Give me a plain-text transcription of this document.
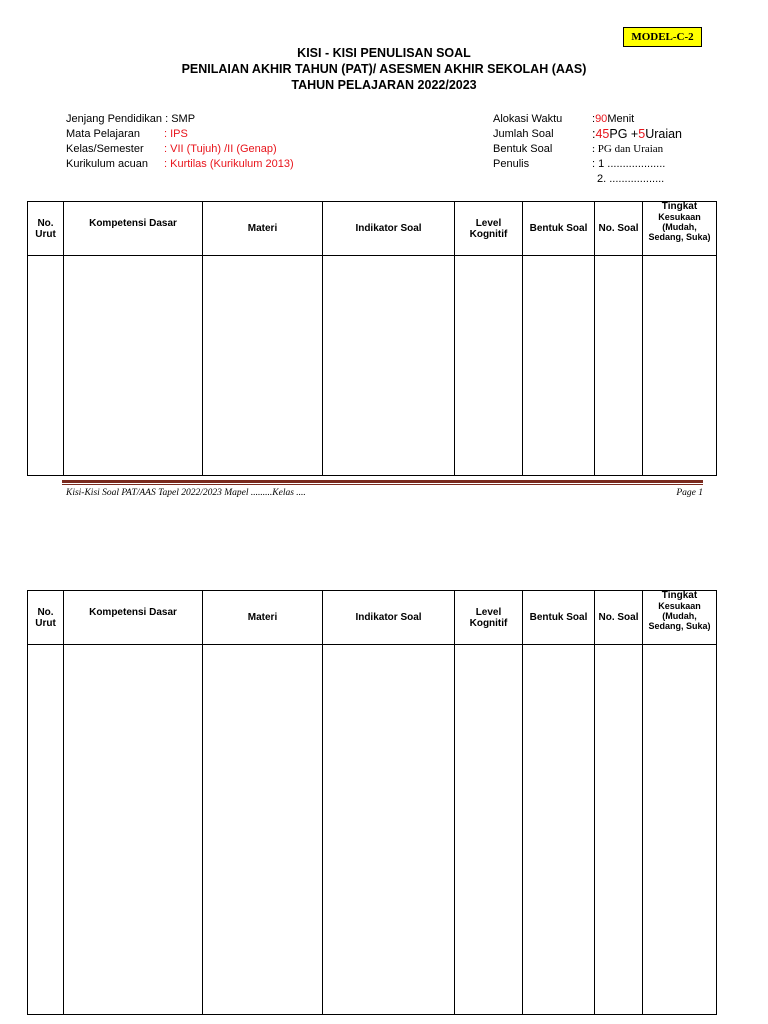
MODEL-C-2
KISI - KISI PENULISAN SOAL
PENILAIAN AKHIR TAHUN (PAT)/ ASESMEN AKHIR SEKOLAH (AAS)
TAHUN PELAJARAN 2022/2023
Jenjang Pendidikan
: SMP
Mata Pelajaran	: IPS
Kelas/Semester	: VII (Tujuh) /II (Genap)
Kurikulum acuan	: Kurtilas (Kurikulum 2013)
Alokasi Waktu	: 90 Menit
Jumlah Soal	: 45 PG + 5 Uraian
Bentuk Soal	: PG dan Uraian
Penulis	: 1 ...................
2. ..................
No. Urut	Kompetensi Dasar	Materi	Indikator Soal	Level Kognitif	Bentuk Soal	No. Soal	Tingkat
Kesukaan (Mudah, Sedang, Suka)

Kisi-Kisi Soal PAT/AAS Tapel 2022/2023 Mapel .........Kelas ....	Page 1
No. Urut	Kompetensi Dasar	Materi	Indikator Soal	Level Kognitif	Bentuk Soal	No. Soal	Tingkat
Kesukaan (Mudah, Sedang, Suka)
